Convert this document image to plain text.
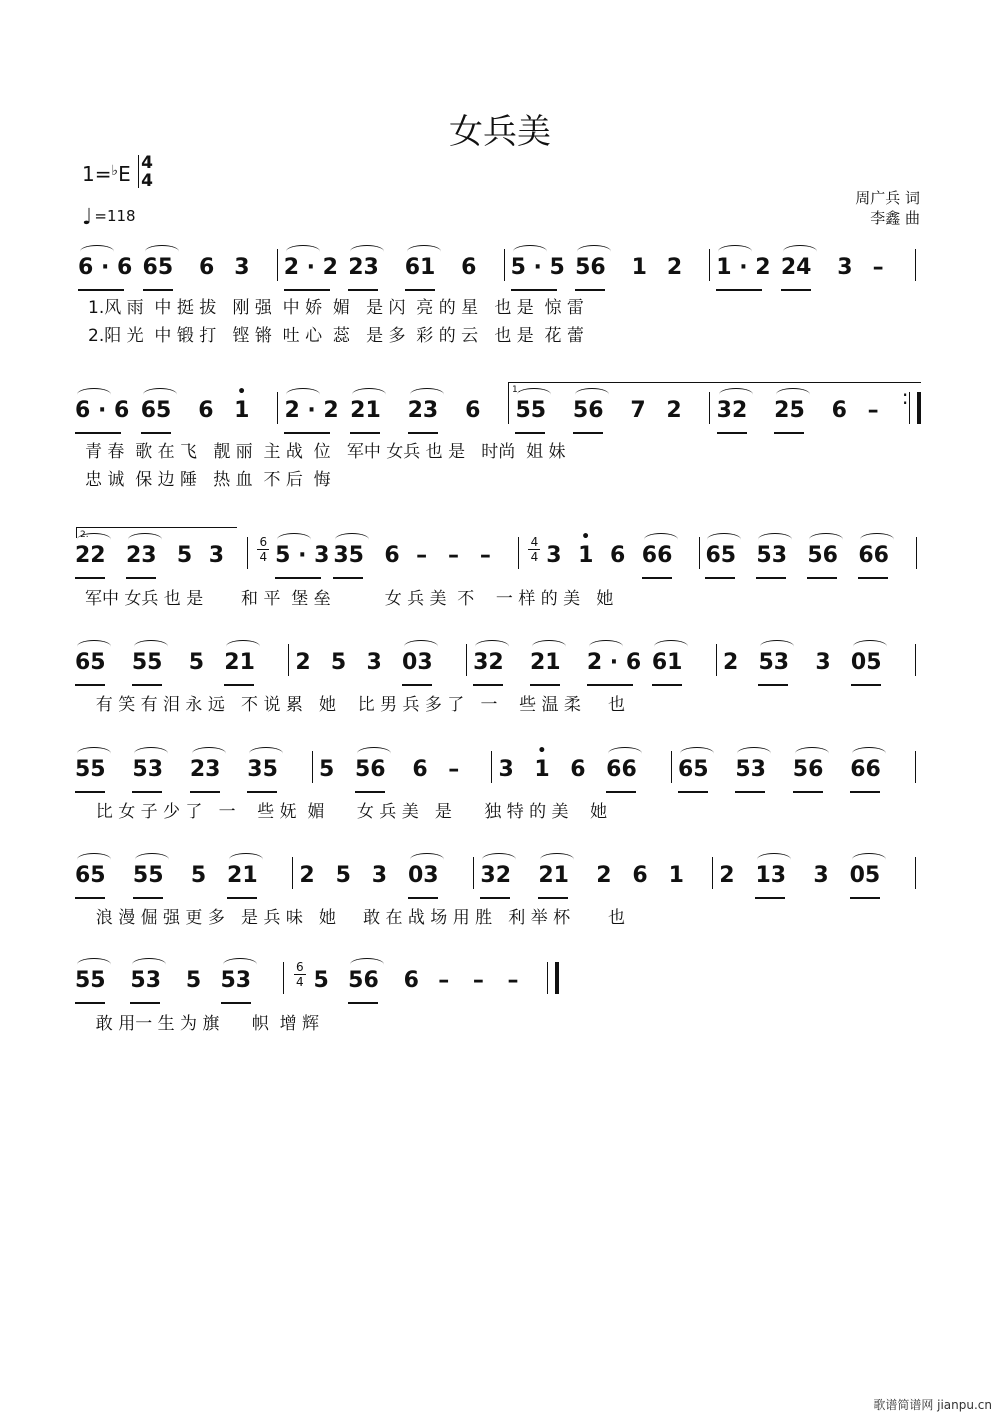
女兵美
1=♭E 4
4
♩ =118
周广兵 词
李鑫 曲
6 · 6 65 6 3 2 · 2 23 61 6 5 · 5 56 1 2 1 · 2 24 3 –
1.风 雨  中 挺 拔   刚 强  中 娇  媚   是 闪  亮 的 星   也 是  惊 雷
2.阳 光  中 锻 打   铿 锵  吐 心  蕊   是 多  彩 的 云   也 是  花 蕾
1.
6 · 6 65 6 1
•
2 · 2 21 23 6 55 56 7 2 32 25 6 –
:
青 春  歌 在 飞   靓 丽  主 战  位   军中 女兵 也 是   时尚  姐 妹
忠 诚  保 边 陲   热 血  不 后  悔
2.
22 23 5 3
6
4 5 · 3 35 6 – – –
4
4 3 1
•
6 66 65 53 56 66
军中 女兵 也 是       和 平  堡 垒          女 兵 美  不    一 样 的 美   她
65 55 5 21 2 5 3 03 32 21 2 · 6 61 2 53 3 05
有 笑 有 泪 永 远   不 说 累   她    比 男 兵 多 了   一    些 温 柔     也
55 53 23 35 5 56 6 – 3 1
•
6 66 65 53 56 66
比 女 子 少 了   一    些 妩  媚      女 兵 美   是      独 特 的 美    她
65 55 5 21 2 5 3 03 32 21 2 6 1 2 13 3 05
浪 漫 倔 强 更 多   是 兵 味   她     敢 在 战 场 用 胜   利 举 杯       也
55 53 5 53
6
4 5 56 6 – – –
敢 用一 生 为 旗      帜  增 辉
歌谱简谱网 jianpu.cn
